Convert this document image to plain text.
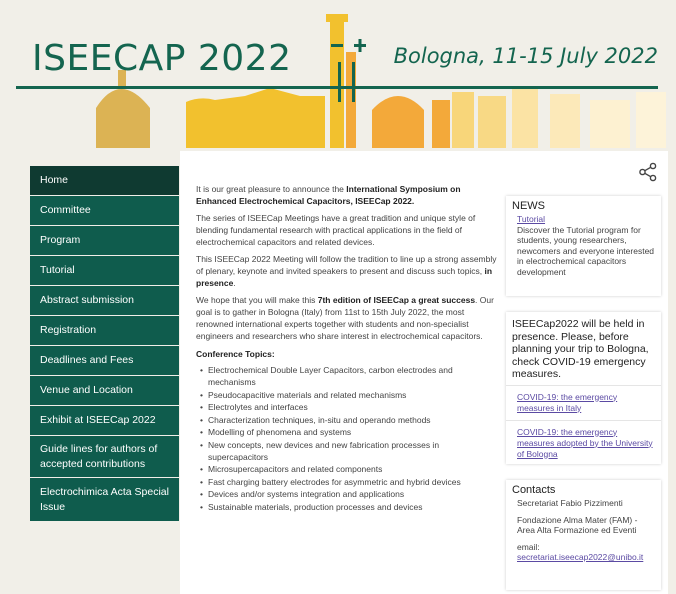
ISEECAP 2022	Bologna, 11-15 July 2022
Home
Committee
Program
Tutorial
Abstract submission
Registration
Deadlines and Fees
Venue and Location
Exhibit at ISEECap 2022
Guide lines for authors of accepted contributions
Electrochimica Acta Special Issue

It is our great pleasure to announce the International Symposium on Enhanced Electrochemical Capacitors, ISEECap 2022.

The series of ISEECap Meetings have a great tradition and unique style of blending fundamental research with practical applications in the field of electrochemical capacitors and related devices.

This ISEECap 2022 Meeting will follow the tradition to line up a strong assembly of plenary, keynote and invited speakers to present and discuss such topics, in presence.

We hope that you will make this 7th edition of ISEECap a great success. Our goal is to gather in Bologna (Italy) from 11st to 15th July 2022, the most renowned international experts together with students and non-specialist engineers and researchers who share interest in electrochemical capacitors.

Conference Topics:
• Electrochemical Double Layer Capacitors, carbon electrodes and mechanisms
• Pseudocapacitive materials and related mechanisms
• Electrolytes and interfaces
• Characterization techniques, in-situ and operando methods
• Modelling of phenomena and systems
• New concepts, new devices and new fabrication processes in supercapacitors
• Microsupercapacitors and related components
• Fast charging battery electrodes for asymmetric and hybrid devices
• Devices and/or systems integration and applications
• Sustainable materials, production processes and devices
NEWS
Tutorial
Discover the Tutorial program for students, young researchers, newcomers and everyone interested in electrochemical capacitors development
ISEECap2022 will be held in presence. Please, before planning your trip to Bologna, check COVID-19 emergency measures.
COVID-19: the emergency measures in Italy
COVID-19: the emergency measures adopted by the University of Bologna
Contacts

Secretariat Fabio Pizzimenti

Fondazione Alma Mater (FAM) - Area Alta Formazione ed Eventi

email:
secretariat.iseecap2022@unibo.it
